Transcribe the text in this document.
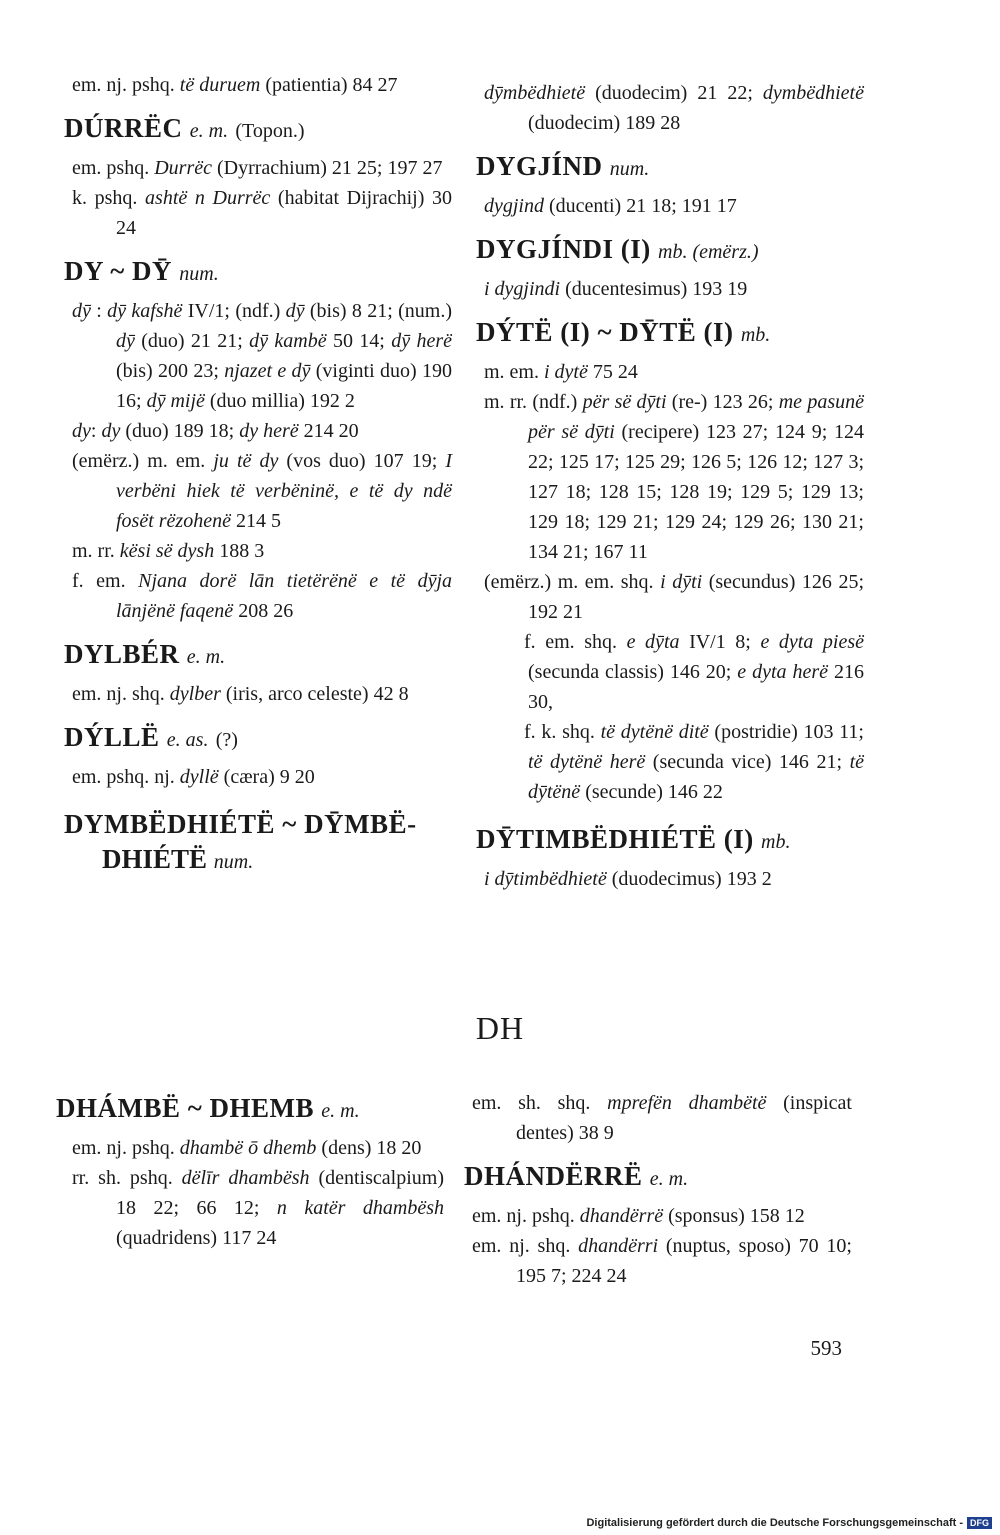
em. nj. pshq. të duruem (patientia) 84 27

DÚRRËC e. m. (Topon.)

em. pshq. Durrëc (Dyrrachium) 21 25; 197 27

k. pshq. ashtë n Durrëc (habitat Dijrachij) 30 24

DY ~ DȲ num.

dȳ : dȳ kafshë IV/1; (ndf.) dȳ (bis) 8 21; (num.) dȳ (duo) 21 21; dȳ kambë 50 14; dȳ herë (bis) 200 23; njazet e dȳ (viginti duo) 190 16; dȳ mijë (duo millia) 192 2

dy: dy (duo) 189 18; dy herë 214 20

(emërz.) m. em. ju të dy (vos duo) 107 19; I verbëni hiek të verbëninë, e të dy ndë fosët rëzohenë 214 5

m. rr. kësi së dysh 188 3

f. em. Njana dorë lān tietërënë e të dȳja lānjënë faqenë 208 26

DYLBÉR e. m.

em. nj. shq. dylber (iris, arco celeste) 42 8

DÝLLË e. as. (?)

em. pshq. nj. dyllë (cæra) 9 20

DYMBËDHIÉTË ~ DȲMBË-
DHIÉTË num.

dȳmbëdhietë (duodecim) 21 22; dymbëdhietë (duodecim) 189 28

DYGJÍND num.

dygjind (ducenti) 21 18; 191 17

DYGJÍNDI (I) mb. (emërz.)

i dygjindi (ducentesimus) 193 19

DÝTË (I) ~ DȲTË (I) mb.

m. em. i dytë 75 24

m. rr. (ndf.) për së dȳti (re-) 123 26; me pasunë për së dȳti (recipere) 123 27; 124 9; 124 22; 125 17; 125 29; 126 5; 126 12; 127 3; 127 18; 128 15; 128 19; 129 5; 129 13; 129 18; 129 21; 129 24; 129 26; 130 21; 134 21; 167 11

(emërz.) m. em. shq. i dȳti (secundus) 126 25; 192 21

f. em. shq. e dȳta IV/1 8; e dyta piesë (secunda classis) 146 20; e dyta herë 216 30,

f. k. shq. të dytënë ditë (postridie) 103 11; të dytënë herë (secunda vice) 146 21; të dȳtënë (secunde) 146 22

DȲTIMBËDHIÉTË (I) mb.

i dȳtimbëdhietë (duodecimus) 193 2

DH
DHÁMBË ~ DHEMB e. m.

em. nj. pshq. dhambë ō dhemb (dens) 18 20

rr. sh. pshq. dëlīr dhambësh (dentiscalpium) 18 22; 66 12; n katër dhambësh (quadridens) 117 24

em. sh. shq. mprefën dhambëtë (inspicat dentes) 38 9

DHÁNDËRRË e. m.

em. nj. pshq. dhandërrë (sponsus) 158 12

em. nj. shq. dhandërri (nuptus, sposo) 70 10; 195 7; 224 24

593
Digitalisierung gefördert durch die Deutsche Forschungsgemeinschaft - DFG
